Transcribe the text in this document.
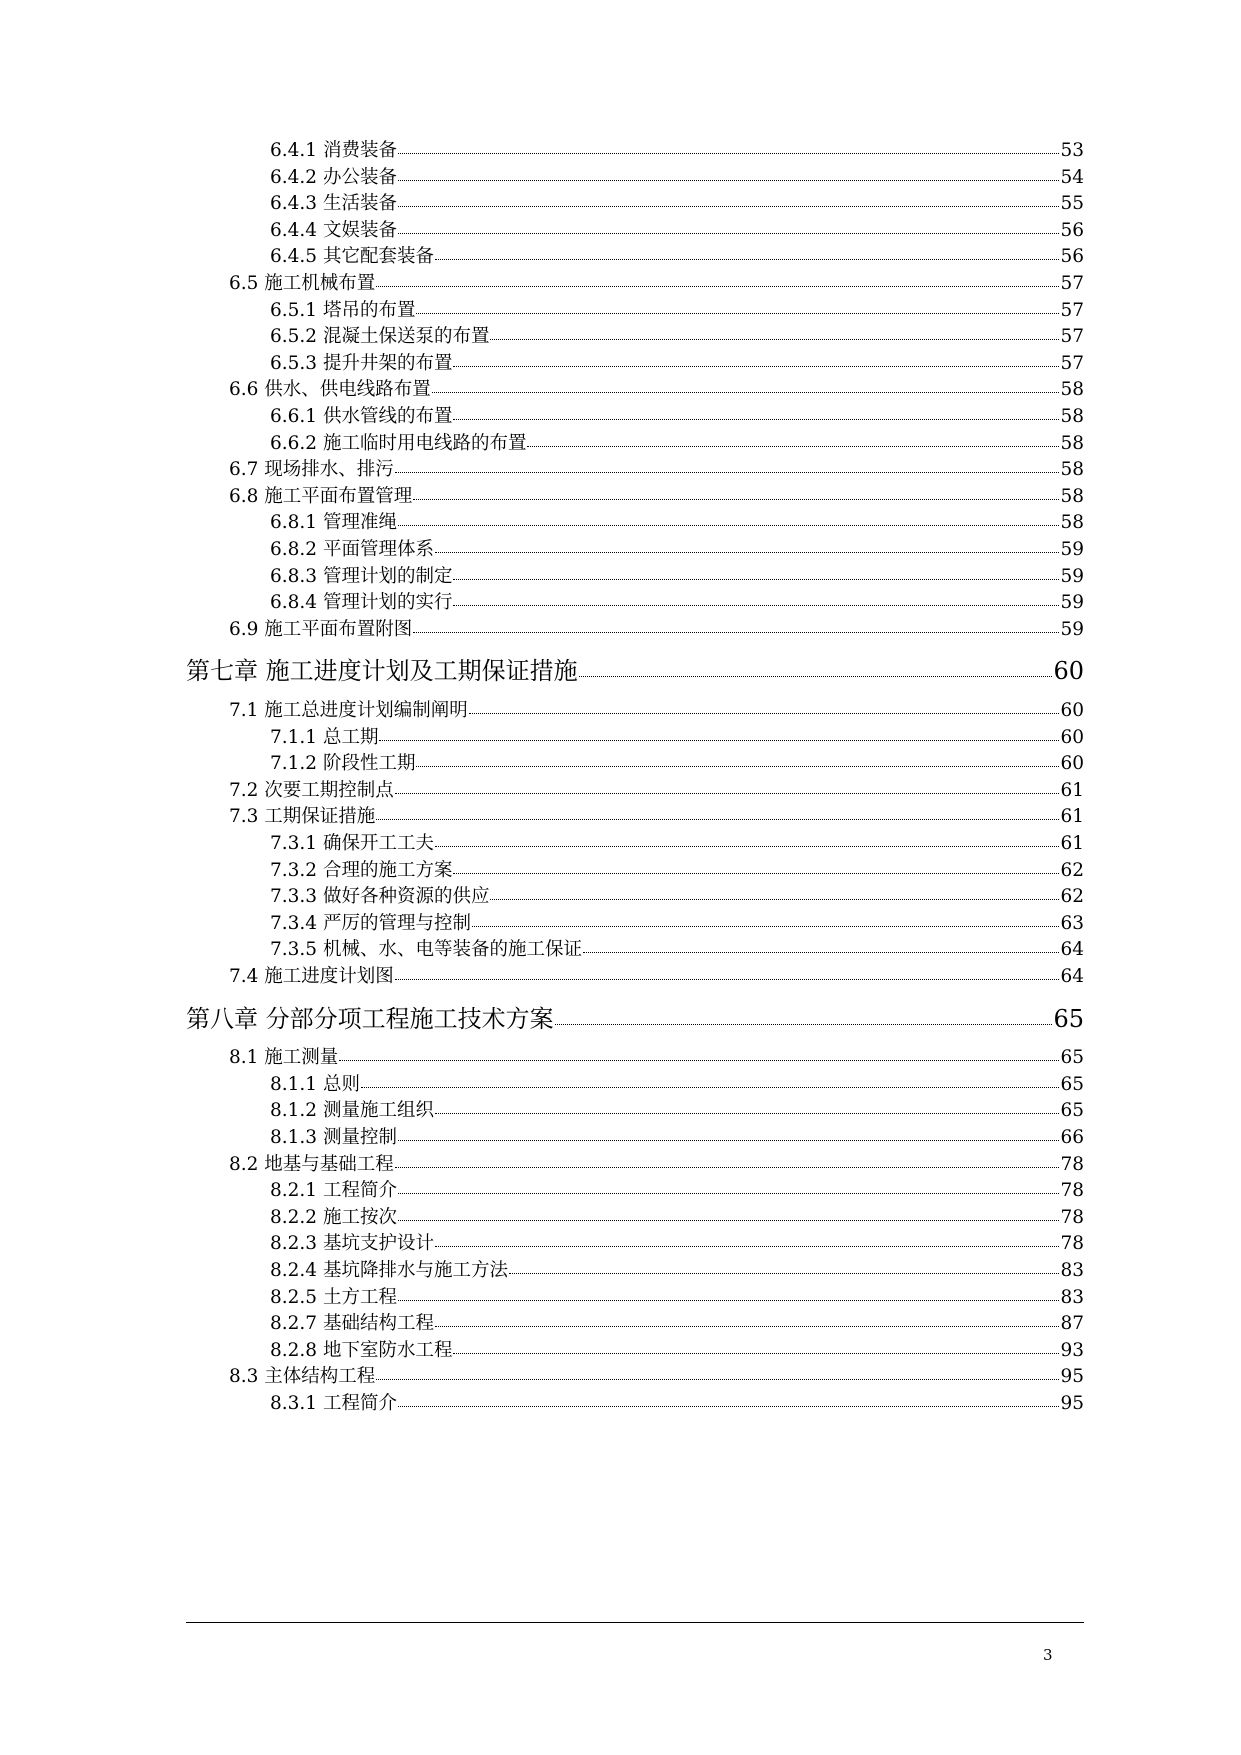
6.4.1 消费装备	53
6.4.2 办公装备	54
6.4.3 生活装备	55
6.4.4 文娱装备	56
6.4.5 其它配套装备	56
6.5 施工机械布置	57
6.5.1 塔吊的布置	57
6.5.2 混凝土保送泵的布置	57
6.5.3 提升井架的布置	57
6.6 供水、供电线路布置	58
6.6.1 供水管线的布置	58
6.6.2 施工临时用电线路的布置	58
6.7 现场排水、排污	58
6.8 施工平面布置管理	58
6.8.1 管理准绳	58
6.8.2 平面管理体系	59
6.8.3 管理计划的制定	59
6.8.4 管理计划的实行	59
6.9 施工平面布置附图	59
第七章 施工进度计划及工期保证措施	60
7.1 施工总进度计划编制阐明	60
7.1.1 总工期	60
7.1.2 阶段性工期	60
7.2 次要工期控制点	61
7.3 工期保证措施	61
7.3.1 确保开工工夫	61
7.3.2 合理的施工方案	62
7.3.3 做好各种资源的供应	62
7.3.4 严厉的管理与控制	63
7.3.5 机械、水、电等装备的施工保证	64
7.4 施工进度计划图	64
第八章 分部分项工程施工技术方案	65
8.1 施工测量	65
8.1.1 总则	65
8.1.2 测量施工组织	65
8.1.3 测量控制	66
8.2 地基与基础工程	78
8.2.1 工程简介	78
8.2.2 施工按次	78
8.2.3 基坑支护设计	78
8.2.4 基坑降排水与施工方法	83
8.2.5 土方工程	83
8.2.7 基础结构工程	87
8.2.8 地下室防水工程	93
8.3 主体结构工程	95
8.3.1 工程简介	95
3
